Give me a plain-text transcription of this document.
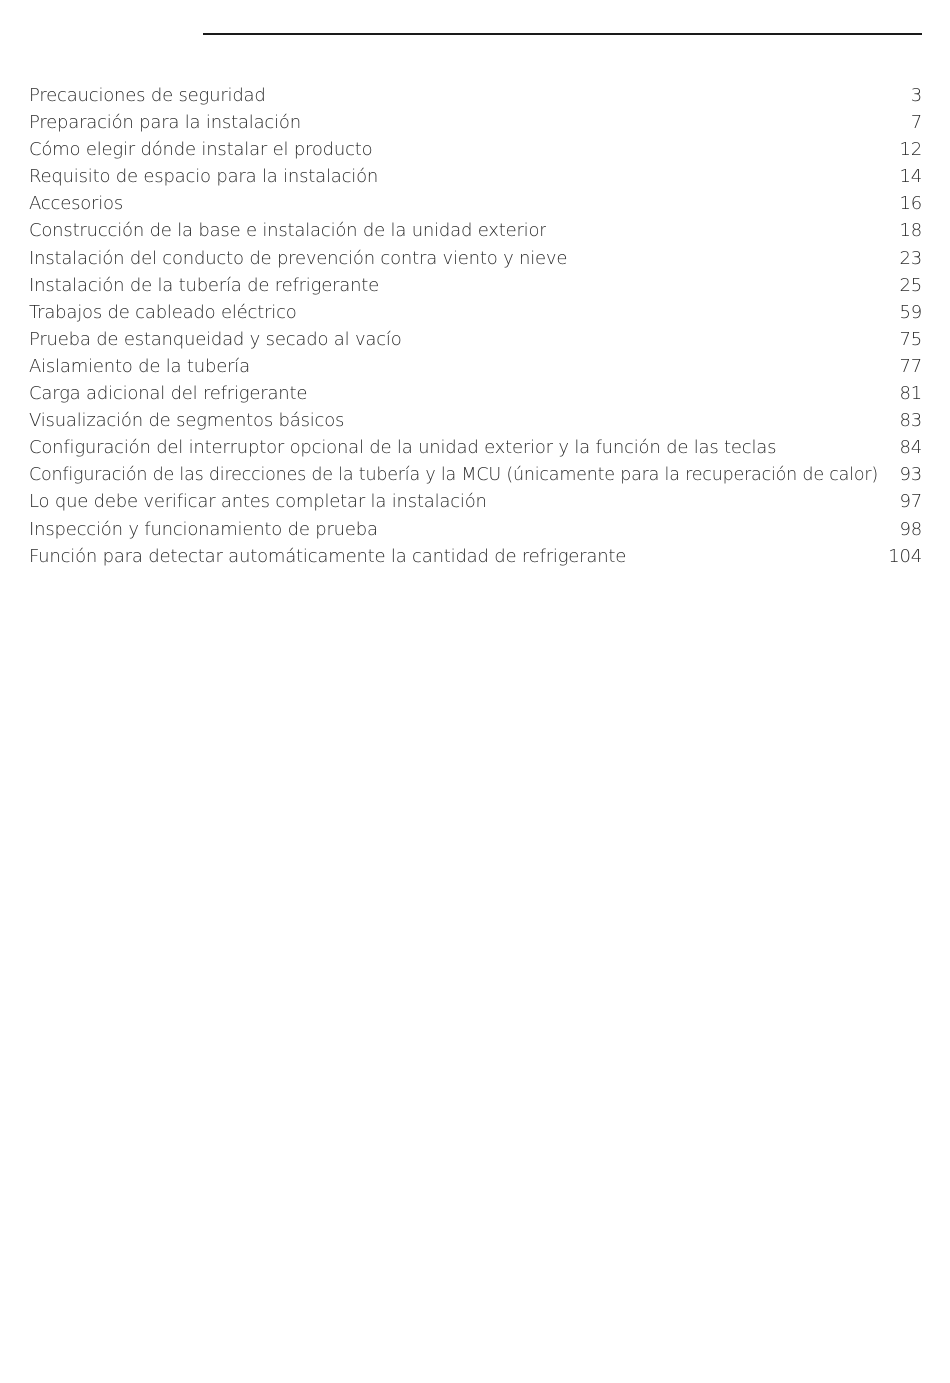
Precauciones de seguridad	3
Preparación para la instalación	7
Cómo elegir dónde instalar el producto	12
Requisito de espacio para la instalación	14
Accesorios	16
Construcción de la base e instalación de la unidad exterior	18
Instalación del conducto de prevención contra viento y nieve	23
Instalación de la tubería de refrigerante	25
Trabajos de cableado eléctrico	59
Prueba de estanqueidad y secado al vacío	75
Aislamiento de la tubería	77
Carga adicional del refrigerante	81
Visualización de segmentos básicos	83
Configuración del interruptor opcional de la unidad exterior y la función de las teclas	84
Configuración de las direcciones de la tubería y la MCU (únicamente para la recuperación de calor) 93
Lo que debe verificar antes completar la instalación	97
Inspección y funcionamiento de prueba	98
Función para detectar automáticamente la cantidad de refrigerante	104
